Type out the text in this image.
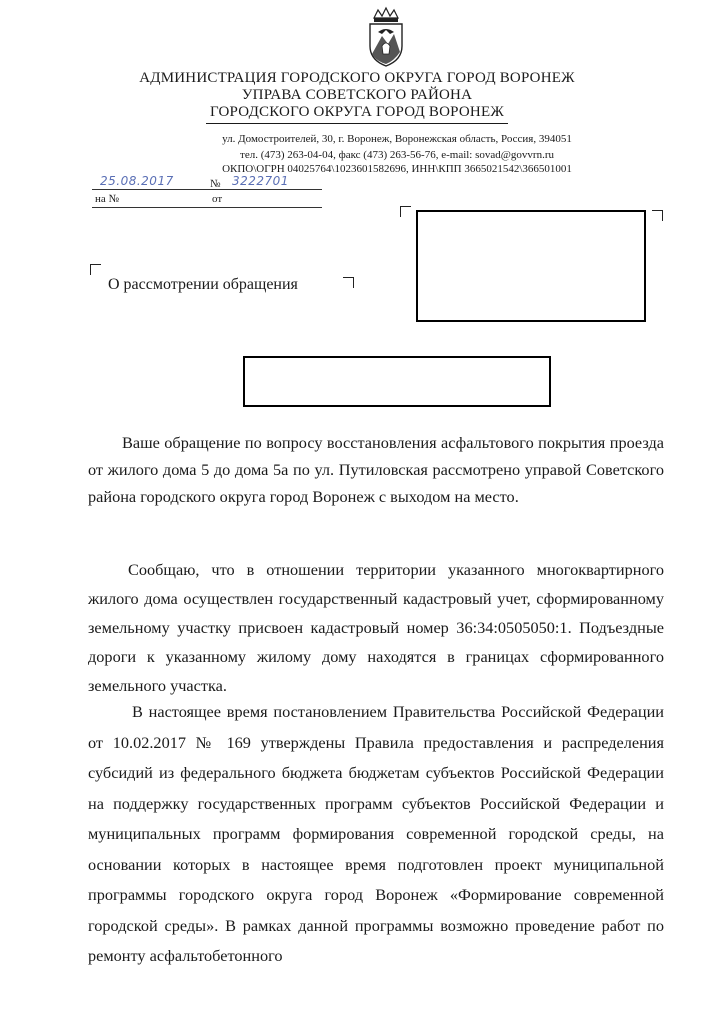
АДМИНИСТРАЦИЯ ГОРОДСКОГО ОКРУГА ГОРОД ВОРОНЕЖ
УПРАВА СОВЕТСКОГО РАЙОНА
ГОРОДСКОГО ОКРУГА ГОРОД ВОРОНЕЖ
ул. Домостроителей, 30, г. Воронеж, Воронежская область, Россия, 394051
тел. (473) 263-04-04, факс (473) 263-56-76, e-mail: sovad@govvrn.ru
ОКПО\ОГРН 04025764\1023601582696, ИНН\КПП 3665021542\366501001
25.08.2017	№ 3222701
на №	от
О рассмотрении обращения
Ваше обращение по вопросу восстановления асфальтового покрытия проезда от жилого дома 5 до дома 5а по ул. Путиловская рассмотрено управой Советского района городского округа город Воронеж с выходом на место.
Сообщаю, что в отношении территории указанного многоквартирного жилого дома осуществлен государственный кадастровый учет, сформированному земельному участку присвоен кадастровый номер 36:34:0505050:1. Подъездные дороги к указанному жилому дому находятся в границах сформированного земельного участка.
В настоящее время постановлением Правительства Российской Федерации от 10.02.2017 № 169 утверждены Правила предоставления и распределения субсидий из федерального бюджета бюджетам субъектов Российской Федерации на поддержку государственных программ субъектов Российской Федерации и муниципальных программ формирования современной городской среды, на основании которых в настоящее время подготовлен проект муниципальной программы городского округа город Воронеж «Формирование современной городской среды». В рамках данной программы возможно проведение работ по ремонту асфальтобетонного
